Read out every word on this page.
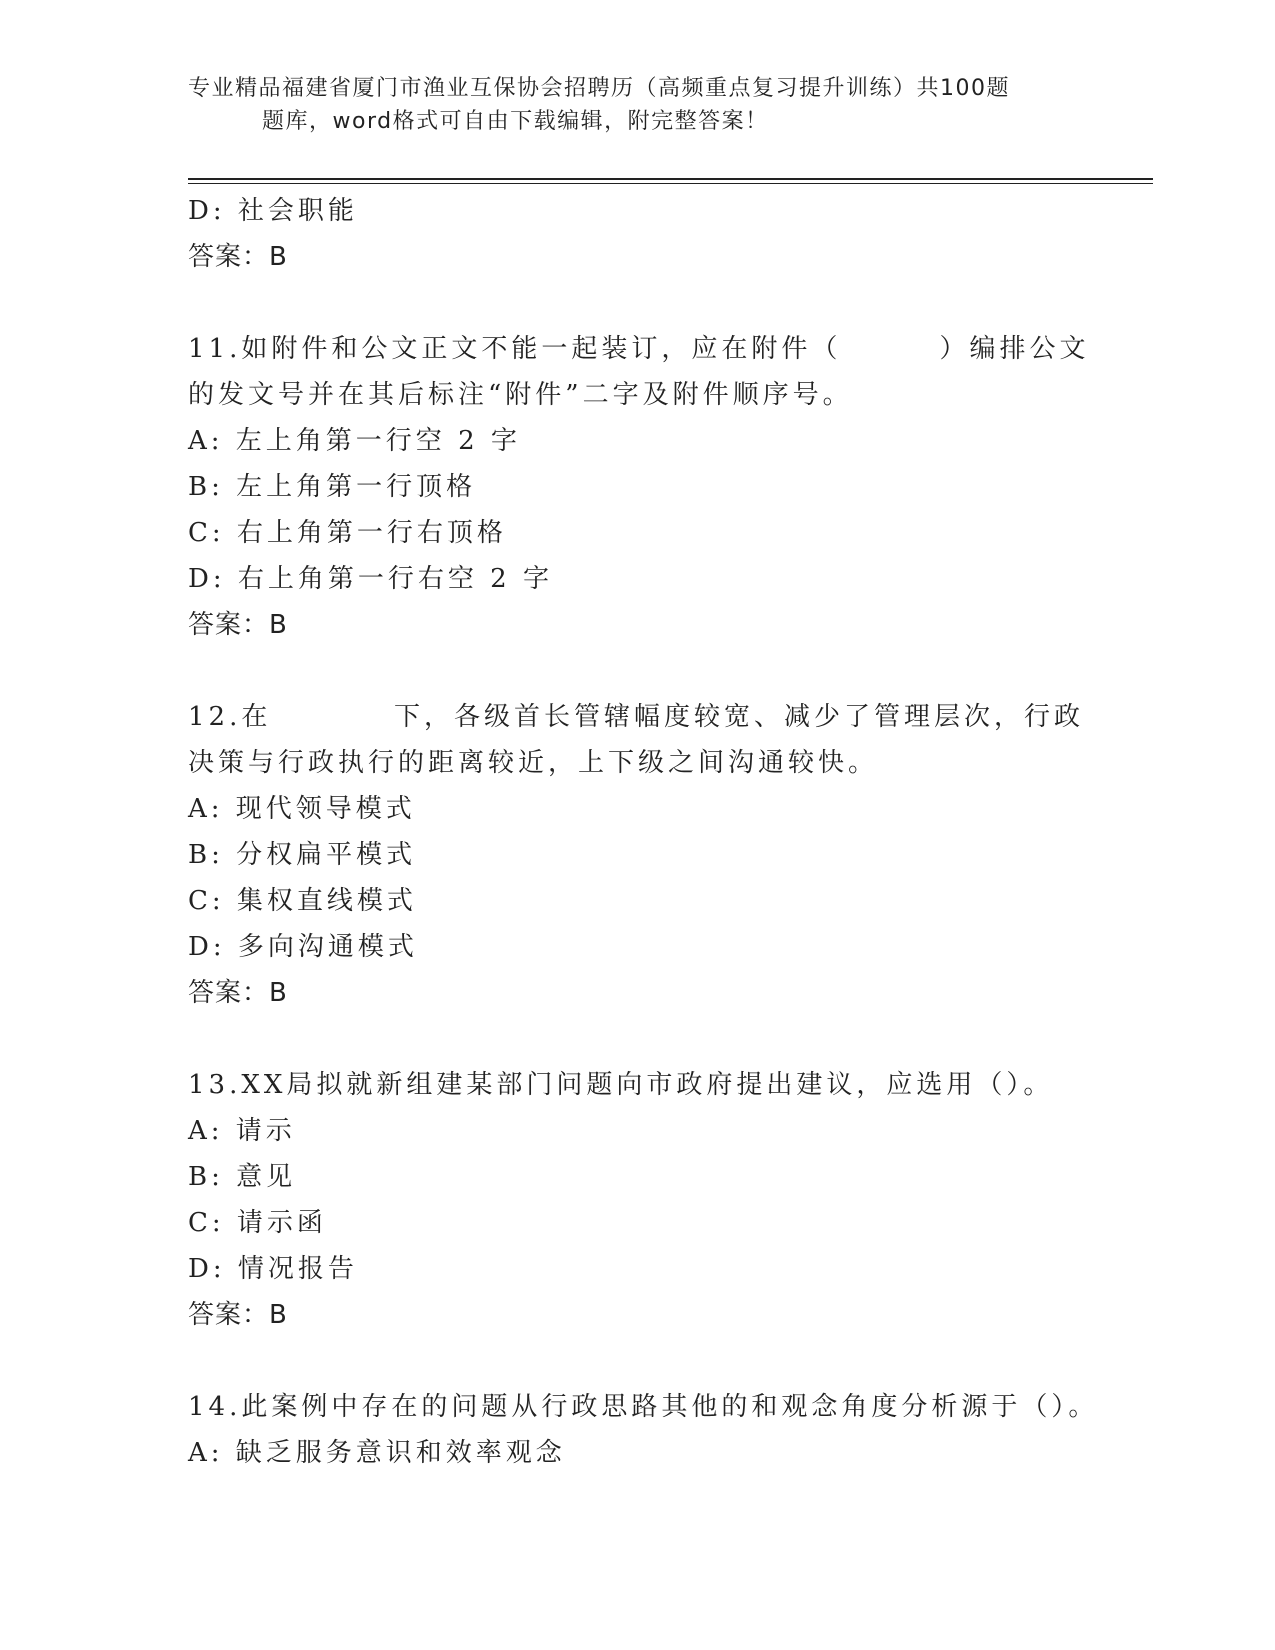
专业精品福建省厦门市渔业互保协会招聘历（高频重点复习提升训练）共100题
题库，word格式可自由下载编辑，附完整答案！
D: 社会职能
答案：B
11.如附件和公文正文不能一起装订，应在附件（        ）编排公文
的发文号并在其后标注“附件”二字及附件顺序号。
A: 左上角第一行空 2 字
B: 左上角第一行顶格
C: 右上角第一行右顶格
D: 右上角第一行右空 2 字
答案：B
12.在          下，各级首长管辖幅度较宽、减少了管理层次，行政
决策与行政执行的距离较近，上下级之间沟通较快。
A: 现代领导模式
B: 分权扁平模式
C: 集权直线模式
D: 多向沟通模式
答案：B
13.XX局拟就新组建某部门问题向市政府提出建议，应选用（）。
A: 请示
B: 意见
C: 请示函
D: 情况报告
答案：B
14.此案例中存在的问题从行政思路其他的和观念角度分析源于（）。
A: 缺乏服务意识和效率观念
